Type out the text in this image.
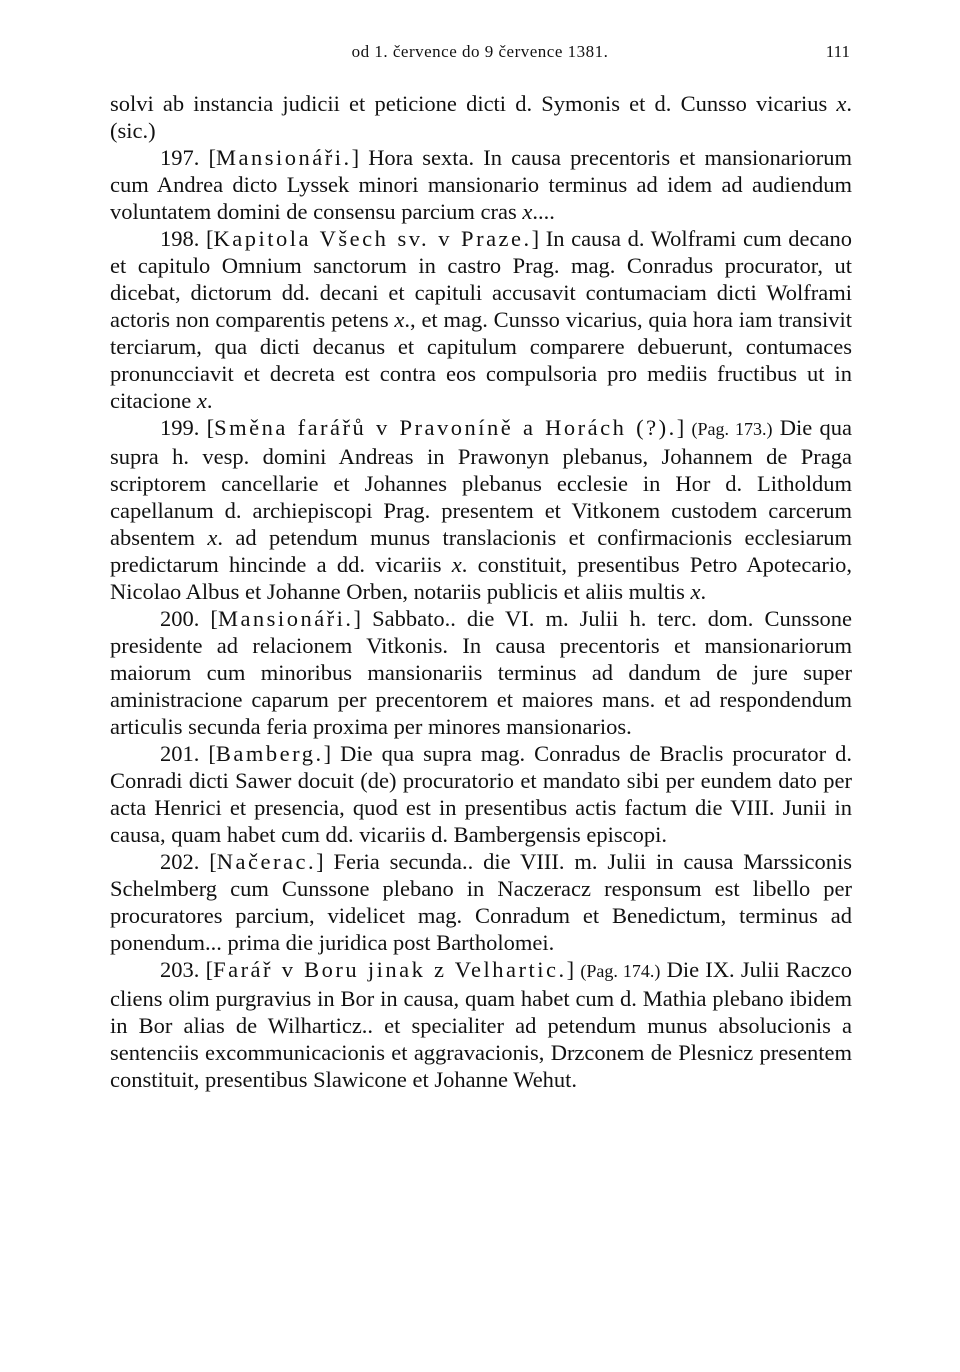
od 1. července do 9 července 1381.	111

solvi ab instancia judicii et peticione dicti d. Symonis et d. Cunsso vicarius x. (sic.)

197. [Mansionáři.] Hora sexta. In causa precentoris et mansionariorum cum Andrea dicto Lyssek minori mansionario terminus ad idem ad audiendum voluntatem domini de consensu parcium cras x....

198. [Kapitola Všech sv. v Praze.] In causa d. Wolframi cum decano et capitulo Omnium sanctorum in castro Prag. mag. Conradus procurator, ut dicebat, dictorum dd. decani et capituli accusavit contumaciam dicti Wolframi actoris non comparentis petens x., et mag. Cunsso vicarius, quia hora iam transivit terciarum, qua dicti decanus et capitulum comparere debuerunt, contumaces pronuncciavit et decreta est contra eos compulsoria pro mediis fructibus ut in citacione x.

199. [Směna farářů v Pravoníně a Horách (?).] (Pag. 173.) Die qua supra h. vesp. domini Andreas in Prawonyn plebanus, Johannem de Praga scriptorem cancellarie et Johannes plebanus ecclesie in Hor d. Litholdum capellanum d. archiepiscopi Prag. presentem et Vitkonem custodem carcerum absentem x. ad petendum munus translacionis et confirmacionis ecclesiarum predictarum hincinde a dd. vicariis x. constituit, presentibus Petro Apotecario, Nicolao Albus et Johanne Orben, notariis publicis et aliis multis x.

200. [Mansionáři.] Sabbato.. die VI. m. Julii h. terc. dom. Cunssone presidente ad relacionem Vitkonis. In causa precentoris et mansionariorum maiorum cum minoribus mansionariis terminus ad dandum de jure super aministracione caparum per precentorem et maiores mans. et ad respondendum articulis secunda feria proxima per minores mansionarios.

201. [Bamberg.] Die qua supra mag. Conradus de Braclis procurator d. Conradi dicti Sawer docuit (de) procuratorio et mandato sibi per eundem dato per acta Henrici et presencia, quod est in presentibus actis factum die VIII. Junii in causa, quam habet cum dd. vicariis d. Bambergensis episcopi.

202. [Načerac.] Feria secunda.. die VIII. m. Julii in causa Marssiconis Schelmberg cum Cunssone plebano in Naczeracz responsum est libello per procuratores parcium, videlicet mag. Conradum et Benedictum, terminus ad ponendum... prima die juridica post Bartholomei.

203. [Farář v Boru jinak z Velhartic.] (Pag. 174.) Die IX. Julii Raczco cliens olim purgravius in Bor in causa, quam habet cum d. Mathia plebano ibidem in Bor alias de Wilharticz.. et specialiter ad petendum munus absolucionis a sentenciis excommunicacionis et aggravacionis, Drzconem de Plesnicz presentem constituit, presentibus Slawicone et Johanne Wehut.
